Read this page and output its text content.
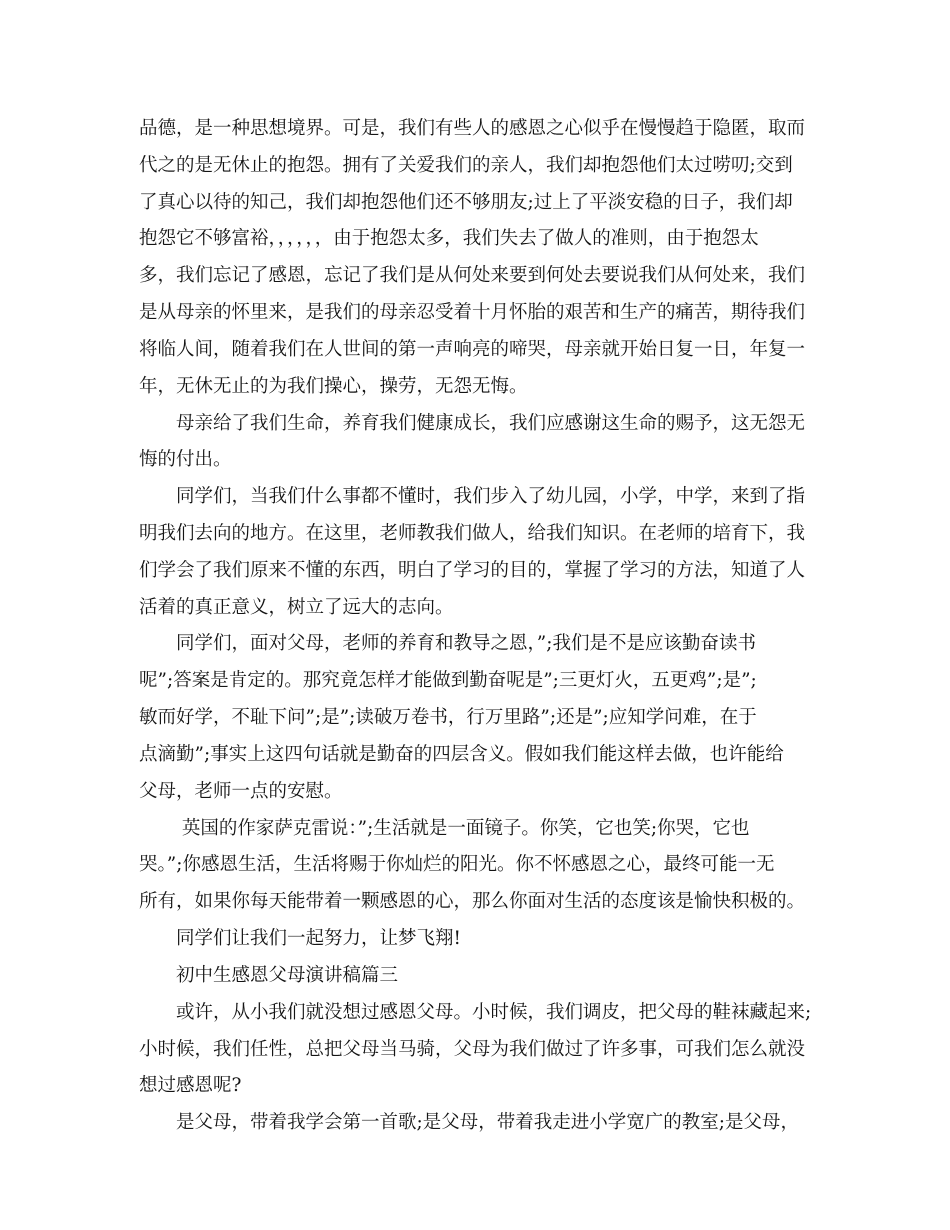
品德，是一种思想境界。可是，我们有些人的感恩之心似乎在慢慢趋于隐匿，取而
代之的是无休止的抱怨。拥有了关爱我们的亲人，我们却抱怨他们太过唠叨;交到
了真心以待的知己，我们却抱怨他们还不够朋友;过上了平淡安稳的日子，我们却
抱怨它不够富裕，，，，，，由于抱怨太多，我们失去了做人的准则，由于抱怨太
多，我们忘记了感恩，忘记了我们是从何处来要到何处去要说我们从何处来，我们
是从母亲的怀里来，是我们的母亲忍受着十月怀胎的艰苦和生产的痛苦，期待我们
将临人间，随着我们在人世间的第一声响亮的啼哭，母亲就开始日复一日，年复一
年，无休无止的为我们操心，操劳，无怨无悔。
　　母亲给了我们生命，养育我们健康成长，我们应感谢这生命的赐予，这无怨无
悔的付出。
　　同学们，当我们什么事都不懂时，我们步入了幼儿园，小学，中学，来到了指
明我们去向的地方。在这里，老师教我们做人，给我们知识。在老师的培育下，我
们学会了我们原来不懂的东西，明白了学习的目的，掌握了学习的方法，知道了人
活着的真正意义，树立了远大的志向。
　　同学们，面对父母，老师的养育和教导之恩，”;我们是不是应该勤奋读书
呢”;答案是肯定的。那究竟怎样才能做到勤奋呢是”;三更灯火，五更鸡”;是”;
敏而好学，不耻下问”;是”;读破万卷书，行万里路”;还是”;应知学问难，在于
点滴勤”;事实上这四句话就是勤奋的四层含义。假如我们能这样去做，也许能给
父母，老师一点的安慰。
　　 英国的作家萨克雷说：”;生活就是一面镜子。你笑，它也笑;你哭，它也
哭。”;你感恩生活，生活将赐于你灿烂的阳光。你不怀感恩之心，最终可能一无
所有，如果你每天能带着一颗感恩的心，那么你面对生活的态度该是愉快积极的。
　　同学们让我们一起努力，让梦飞翔!
　　初中生感恩父母演讲稿篇三
　　或许，从小我们就没想过感恩父母。小时候，我们调皮，把父母的鞋袜藏起来;
小时候，我们任性，总把父母当马骑，父母为我们做过了许多事，可我们怎么就没
想过感恩呢?
　　是父母，带着我学会第一首歌;是父母，带着我走进小学宽广的教室;是父母，
